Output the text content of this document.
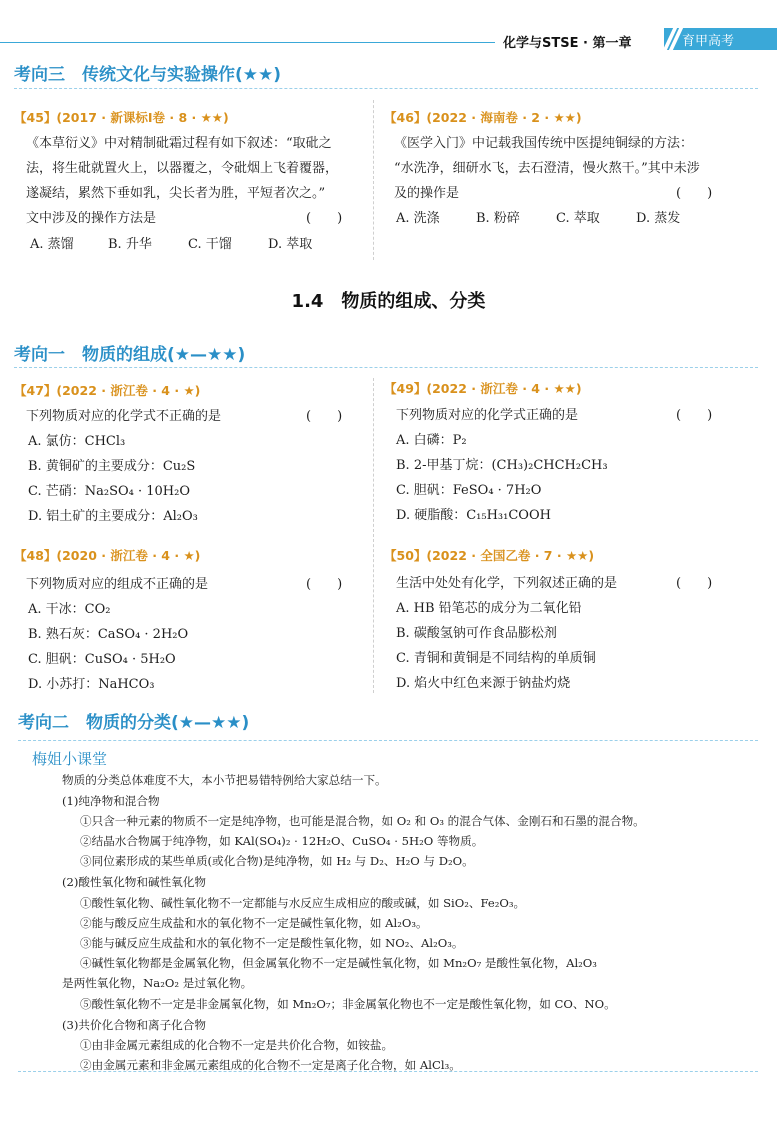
化学与STSE · 第一章	育甲高考
考向三　传统文化与实验操作(★★)
【45】(2017 · 新课标Ⅰ卷 · 8 · ★★)
《本草衍义》中对精制砒霜过程有如下叙述：“取砒之
法，将生砒就置火上，以器覆之，令砒烟上飞着覆器，
遂凝结，累然下垂如乳，尖长者为胜，平短者次之。”
文中涉及的操作方法是	(　　)
A. 蒸馏	B. 升华	C. 干馏	D. 萃取
【46】(2022 · 海南卷 · 2 · ★★)
《医学入门》中记载我国传统中医提纯铜绿的方法：
“水洗净，细研水飞，去石澄清，慢火熬干。”其中未涉
及的操作是	(　　)
A. 洗涤	B. 粉碎	C. 萃取	D. 蒸发
1.4　物质的组成、分类
考向一　物质的组成(★—★★)
【47】(2022 · 浙江卷 · 4 · ★)
下列物质对应的化学式不正确的是	(　　)
A. 氯仿：CHCl₃
B. 黄铜矿的主要成分：Cu₂S
C. 芒硝：Na₂SO₄ · 10H₂O
D. 铝土矿的主要成分：Al₂O₃
【49】(2022 · 浙江卷 · 4 · ★★)
下列物质对应的化学式正确的是	(　　)
A. 白磷：P₂
B. 2-甲基丁烷：(CH₃)₂CHCH₂CH₃
C. 胆矾：FeSO₄ · 7H₂O
D. 硬脂酸：C₁₅H₃₁COOH
【48】(2020 · 浙江卷 · 4 · ★)
下列物质对应的组成不正确的是	(　　)
A. 干冰：CO₂
B. 熟石灰：CaSO₄ · 2H₂O
C. 胆矾：CuSO₄ · 5H₂O
D. 小苏打：NaHCO₃
【50】(2022 · 全国乙卷 · 7 · ★★)
生活中处处有化学，下列叙述正确的是	(　　)
A. HB 铅笔芯的成分为二氧化铅
B. 碳酸氢钠可作食品膨松剂
C. 青铜和黄铜是不同结构的单质铜
D. 焰火中红色来源于钠盐灼烧
考向二　物质的分类(★—★★)
梅姐小课堂
物质的分类总体难度不大，本小节把易错特例给大家总结一下。
(1)纯净物和混合物
①只含一种元素的物质不一定是纯净物，也可能是混合物，如 O₂ 和 O₃ 的混合气体、金刚石和石墨的混合物。
②结晶水合物属于纯净物，如 KAl(SO₄)₂ · 12H₂O、CuSO₄ · 5H₂O 等物质。
③同位素形成的某些单质(或化合物)是纯净物，如 H₂ 与 D₂、H₂O 与 D₂O。
(2)酸性氧化物和碱性氧化物
①酸性氧化物、碱性氧化物不一定都能与水反应生成相应的酸或碱，如 SiO₂、Fe₂O₃。
②能与酸反应生成盐和水的氧化物不一定是碱性氧化物，如 Al₂O₃。
③能与碱反应生成盐和水的氧化物不一定是酸性氧化物，如 NO₂、Al₂O₃。
④碱性氧化物都是金属氧化物，但金属氧化物不一定是碱性氧化物，如 Mn₂O₇ 是酸性氧化物，Al₂O₃
是两性氧化物，Na₂O₂ 是过氧化物。
⑤酸性氧化物不一定是非金属氧化物，如 Mn₂O₇；非金属氧化物也不一定是酸性氧化物，如 CO、NO。
(3)共价化合物和离子化合物
①由非金属元素组成的化合物不一定是共价化合物，如铵盐。
②由金属元素和非金属元素组成的化合物不一定是离子化合物，如 AlCl₃。
